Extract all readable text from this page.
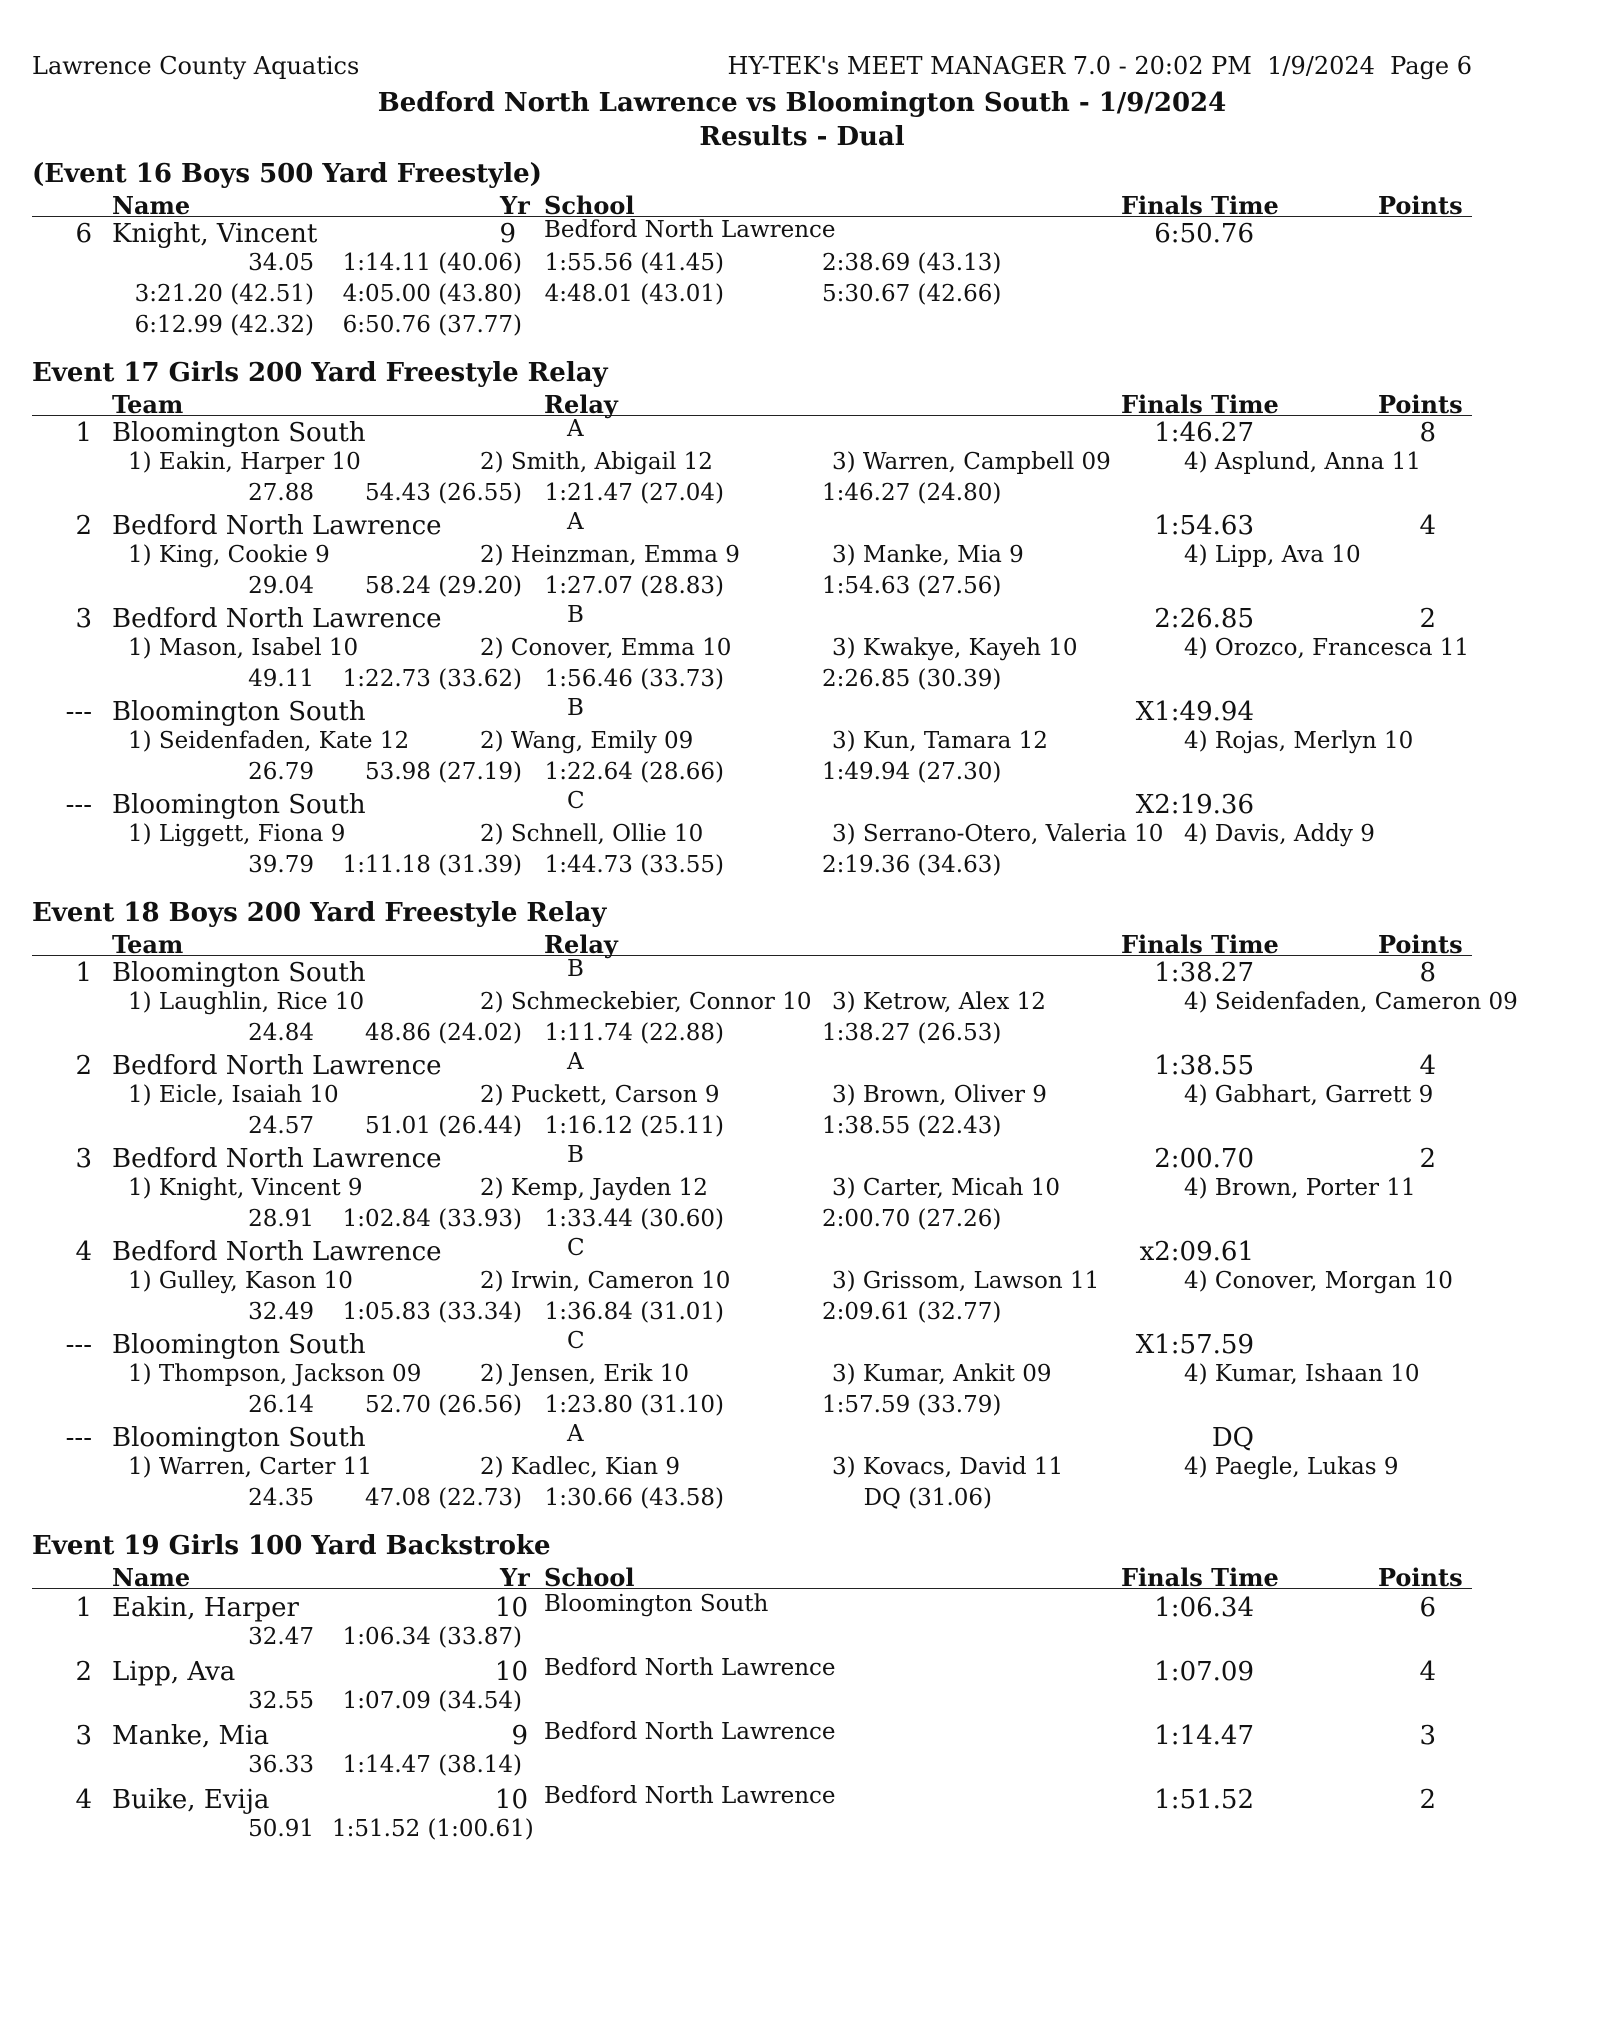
Lawrence County Aquatics	HY-TEK's MEET MANAGER 7.0 - 20:02 PM  1/9/2024  Page 6
Bedford North Lawrence vs Bloomington South - 1/9/2024
Results - Dual
(Event 16 Boys 500 Yard Freestyle)
Name	Yr School	Finals Time	Points
6 Knight, Vincent	9 Bedford North Lawrence	6:50.76
34.05	1:14.11 (40.06) 1:55.56 (41.45)	2:38.69 (43.13)
3:21.20 (42.51)	4:05.00 (43.80) 4:48.01 (43.01)	5:30.67 (42.66)
6:12.99 (42.32)	6:50.76 (37.77)
Event 17 Girls 200 Yard Freestyle Relay
Team	Relay	Finals Time	Points
1 Bloomington South	A	1:46.27	8
1) Eakin, Harper 10	2) Smith, Abigail 12	3) Warren, Campbell 09	4) Asplund, Anna 11
27.88	54.43 (26.55) 1:21.47 (27.04)	1:46.27 (24.80)
2 Bedford North Lawrence	A	1:54.63	4
1) King, Cookie 9	2) Heinzman, Emma 9	3) Manke, Mia 9	4) Lipp, Ava 10
29.04	58.24 (29.20) 1:27.07 (28.83)	1:54.63 (27.56)
3 Bedford North Lawrence	B	2:26.85	2
1) Mason, Isabel 10	2) Conover, Emma 10	3) Kwakye, Kayeh 10	4) Orozco, Francesca 11
49.11	1:22.73 (33.62) 1:56.46 (33.73)	2:26.85 (30.39)
--- Bloomington South	B	X1:49.94
1) Seidenfaden, Kate 12	2) Wang, Emily 09	3) Kun, Tamara 12	4) Rojas, Merlyn 10
26.79	53.98 (27.19) 1:22.64 (28.66)	1:49.94 (27.30)
--- Bloomington South	C	X2:19.36
1) Liggett, Fiona 9	2) Schnell, Ollie 10	3) Serrano-Otero, Valeria 10 4) Davis, Addy 9
39.79	1:11.18 (31.39) 1:44.73 (33.55)	2:19.36 (34.63)
Event 18 Boys 200 Yard Freestyle Relay
Team	Relay	Finals Time	Points
1 Bloomington South	B	1:38.27	8
1) Laughlin, Rice 10	2) Schmeckebier, Connor 10 3) Ketrow, Alex 12	4) Seidenfaden, Cameron 09
24.84	48.86 (24.02) 1:11.74 (22.88)	1:38.27 (26.53)
2 Bedford North Lawrence	A	1:38.55	4
1) Eicle, Isaiah 10	2) Puckett, Carson 9	3) Brown, Oliver 9	4) Gabhart, Garrett 9
24.57	51.01 (26.44) 1:16.12 (25.11)	1:38.55 (22.43)
3 Bedford North Lawrence	B	2:00.70	2
1) Knight, Vincent 9	2) Kemp, Jayden 12	3) Carter, Micah 10	4) Brown, Porter 11
28.91	1:02.84 (33.93) 1:33.44 (30.60)	2:00.70 (27.26)
4 Bedford North Lawrence	C	x2:09.61
1) Gulley, Kason 10	2) Irwin, Cameron 10	3) Grissom, Lawson 11	4) Conover, Morgan 10
32.49	1:05.83 (33.34) 1:36.84 (31.01)	2:09.61 (32.77)
--- Bloomington South	C	X1:57.59
1) Thompson, Jackson 09	2) Jensen, Erik 10	3) Kumar, Ankit 09	4) Kumar, Ishaan 10
26.14	52.70 (26.56) 1:23.80 (31.10)	1:57.59 (33.79)
--- Bloomington South	A	DQ
1) Warren, Carter 11	2) Kadlec, Kian 9	3) Kovacs, David 11	4) Paegle, Lukas 9
24.35	47.08 (22.73) 1:30.66 (43.58)	DQ (31.06)
Event 19 Girls 100 Yard Backstroke
Name	Yr School	Finals Time	Points
1 Eakin, Harper	10 Bloomington South	1:06.34	6
32.47	1:06.34 (33.87)
2 Lipp, Ava	10 Bedford North Lawrence	1:07.09	4
32.55	1:07.09 (34.54)
3 Manke, Mia	9 Bedford North Lawrence	1:14.47	3
36.33	1:14.47 (38.14)
4 Buike, Evija	10 Bedford North Lawrence	1:51.52	2
50.91 1:51.52 (1:00.61)
